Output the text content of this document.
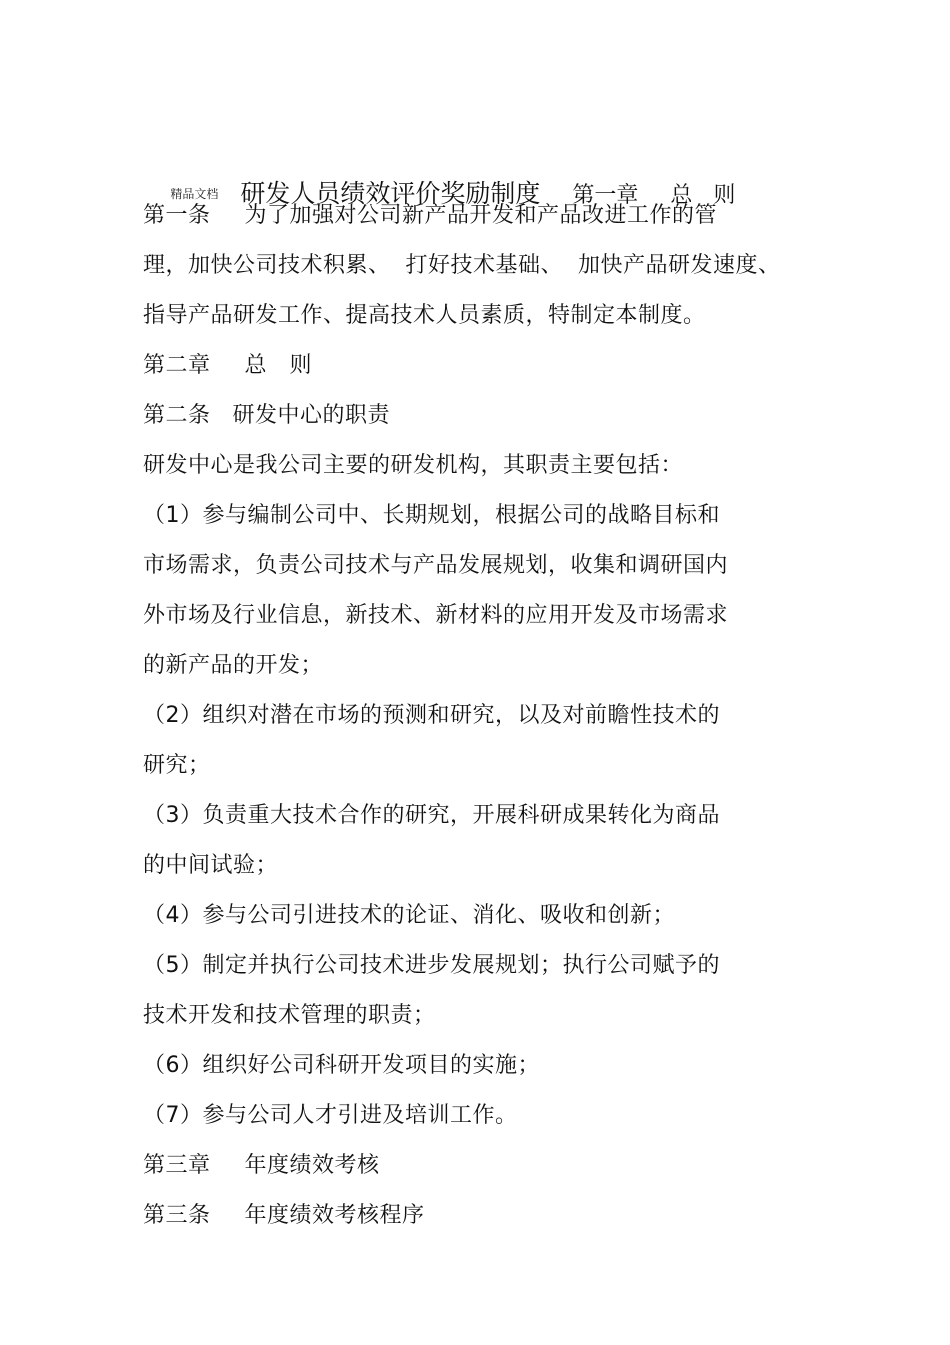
$^{精品文档}$ 研发人员绩效评价奖励制度 第一章 总   则

第一条 为了加强对公司新产品开发和产品改进工作的管
理，加快公司技术积累、  打好技术基础、  加快产品研发速度、
指导产品研发工作、提高技术人员素质，特制定本制度。
第二章 总   则
第二条 研发中心的职责
研发中心是我公司主要的研发机构，其职责主要包括：
（1）参与编制公司中、长期规划，根据公司的战略目标和
市场需求，负责公司技术与产品发展规划，收集和调研国内
外市场及行业信息，新技术、新材料的应用开发及市场需求
的新产品的开发；
（2）组织对潜在市场的预测和研究，以及对前瞻性技术的
研究；
（3）负责重大技术合作的研究，开展科研成果转化为商品
的中间试验；
（4）参与公司引进技术的论证、消化、吸收和创新；
（5）制定并执行公司技术进步发展规划；执行公司赋予的
技术开发和技术管理的职责；
（6）组织好公司科研开发项目的实施；
（7）参与公司人才引进及培训工作。
第三章 年度绩效考核
第三条 年度绩效考核程序
